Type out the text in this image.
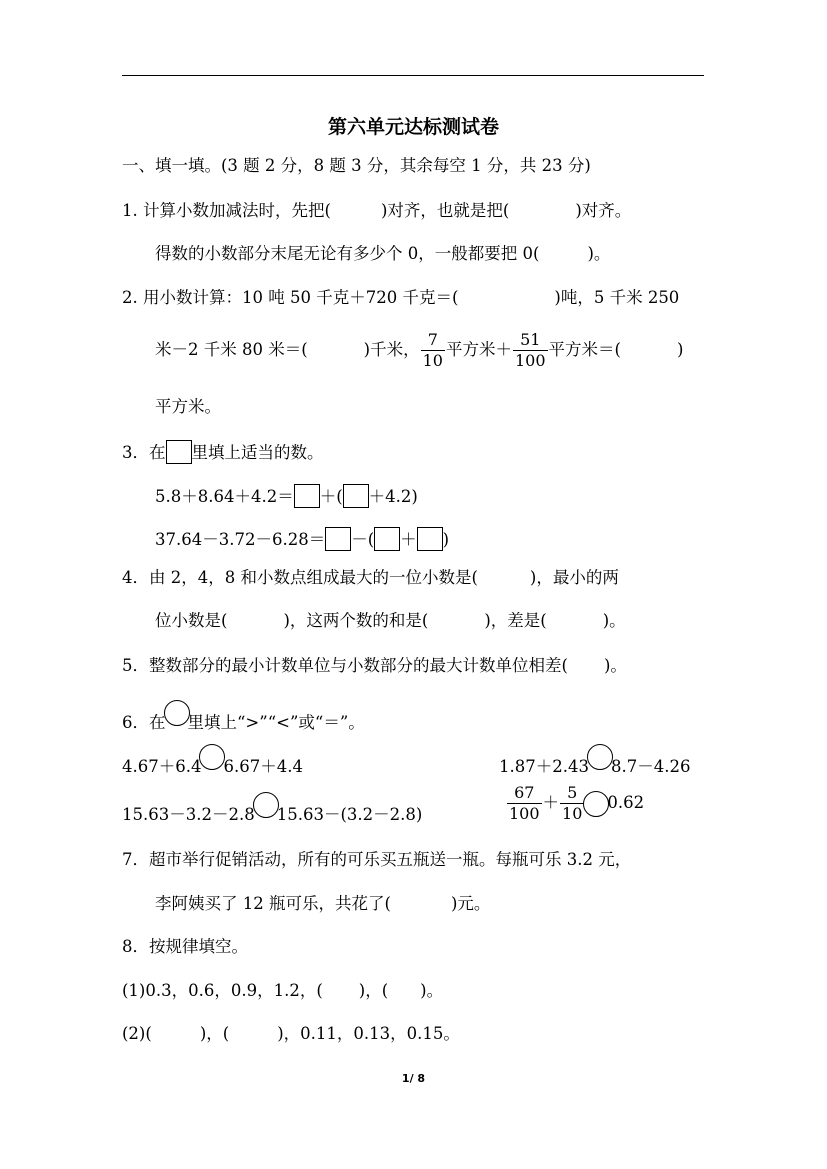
第六单元达标测试卷
一、填一填。(3 题 2 分，8 题 3 分，其余每空 1 分，共 23 分)
1. 计算小数加减法时，先把(	)对齐，也就是把(	)对齐。
得数的小数部分末尾无论有多少个 0，一般都要把 0(	)。
2. 用小数计算：10 吨 50 千克＋720 千克＝(	)吨，5 千米 250
米－2 千米 80 米＝(	)千米， $\frac{7}{10}$ 平方米＋ $\frac{51}{100}$ 平方米＝(	)
平方米。
3．在 里填上适当的数。
5.8＋8.64＋4.2＝ ＋( ＋4.2)
37.64－3.72－6.28＝ －( ＋ )
4．由 2，4，8 和小数点组成最大的一位小数是(	)，最小的两
位小数是(	)，这两个数的和是(	)，差是(	)。
5．整数部分的最小计数单位与小数部分的最大计数单位相差( )。
6．在 里填上“>”“<”或“＝”。
4.67＋6.4 6.67＋4.4	1.87＋2.43 8.7－4.26
15.63－3.2－2.8 15.63－(3.2－2.8)	$\frac{67}{100} + \frac{5}{10} 0.62$
7．超市举行促销活动，所有的可乐买五瓶送一瓶。每瓶可乐 3.2 元，
李阿姨买了 12 瓶可乐，共花了(	)元。
8．按规律填空。
(1)0.3，0.6，0.9，1.2，( )，( )。
(2)(	)，(	)，0.11，0.13，0.15。
1/ 8
